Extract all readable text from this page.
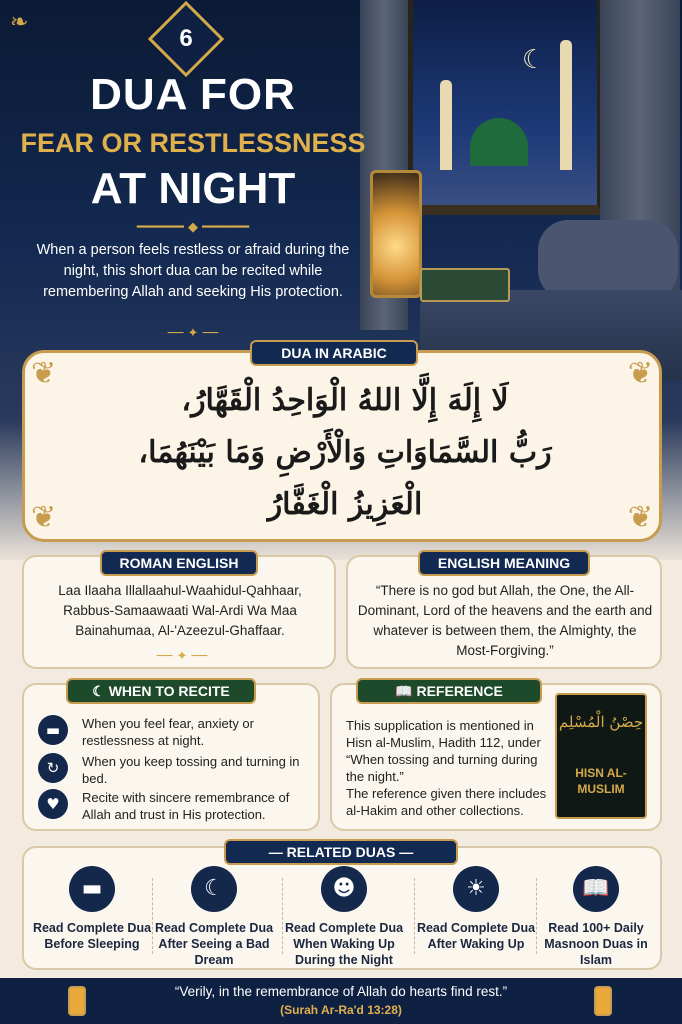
☾
❧
6
DUA FOR
FEAR OR RESTLESSNESS
AT NIGHT
━━━━━━ ◆ ━━━━━━
When a person feels restless or afraid during the night, this short dua can be recited while remembering Allah and seeking His protection.
── ✦ ──
❦	❦
❦	❦
لَا إِلَهَ إِلَّا اللهُ الْوَاحِدُ الْقَهَّارُ،
رَبُّ السَّمَاوَاتِ وَالْأَرْضِ وَمَا بَيْنَهُمَا،
الْعَزِيزُ الْغَفَّارُ
DUA IN ARABIC
Laa Ilaaha Illallaahul-Waahidul-Qahhaar, Rabbus-Samaawaati Wal-Ardi Wa Maa Bainahumaa, Al-'Azeezul-Ghaffaar.
── ✦ ──
ROMAN ENGLISH
“There is no god but Allah, the One, the All-Dominant, Lord of the heavens and the earth and whatever is between them, the Almighty, the Most-Forgiving.”
ENGLISH MEANING
▬	When you feel fear, anxiety or restlessness at night.
↻	When you keep tossing and turning in bed.
♥	Recite with sincere remembrance of Allah and trust in His protection.
☾ WHEN TO RECITE
This supplication is mentioned in Hisn al-Muslim, Hadith 112, under “When tossing and turning during the night.”
The reference given there includes al-Hakim and other collections.
حِصْنُ الْمُسْلِم
HISN AL-MUSLIM
📖 REFERENCE
▬
Read Complete Dua Before Sleeping
☾
Read Complete Dua After Seeing a Bad Dream
☻
Read Complete Dua When Waking Up During the Night
☀
Read Complete Dua After Waking Up
📖
Read 100+ Daily Masnoon Duas in Islam
— RELATED DUAS —
“Verily, in the remembrance of Allah do hearts find rest.”
(Surah Ar-Ra'd 13:28)
